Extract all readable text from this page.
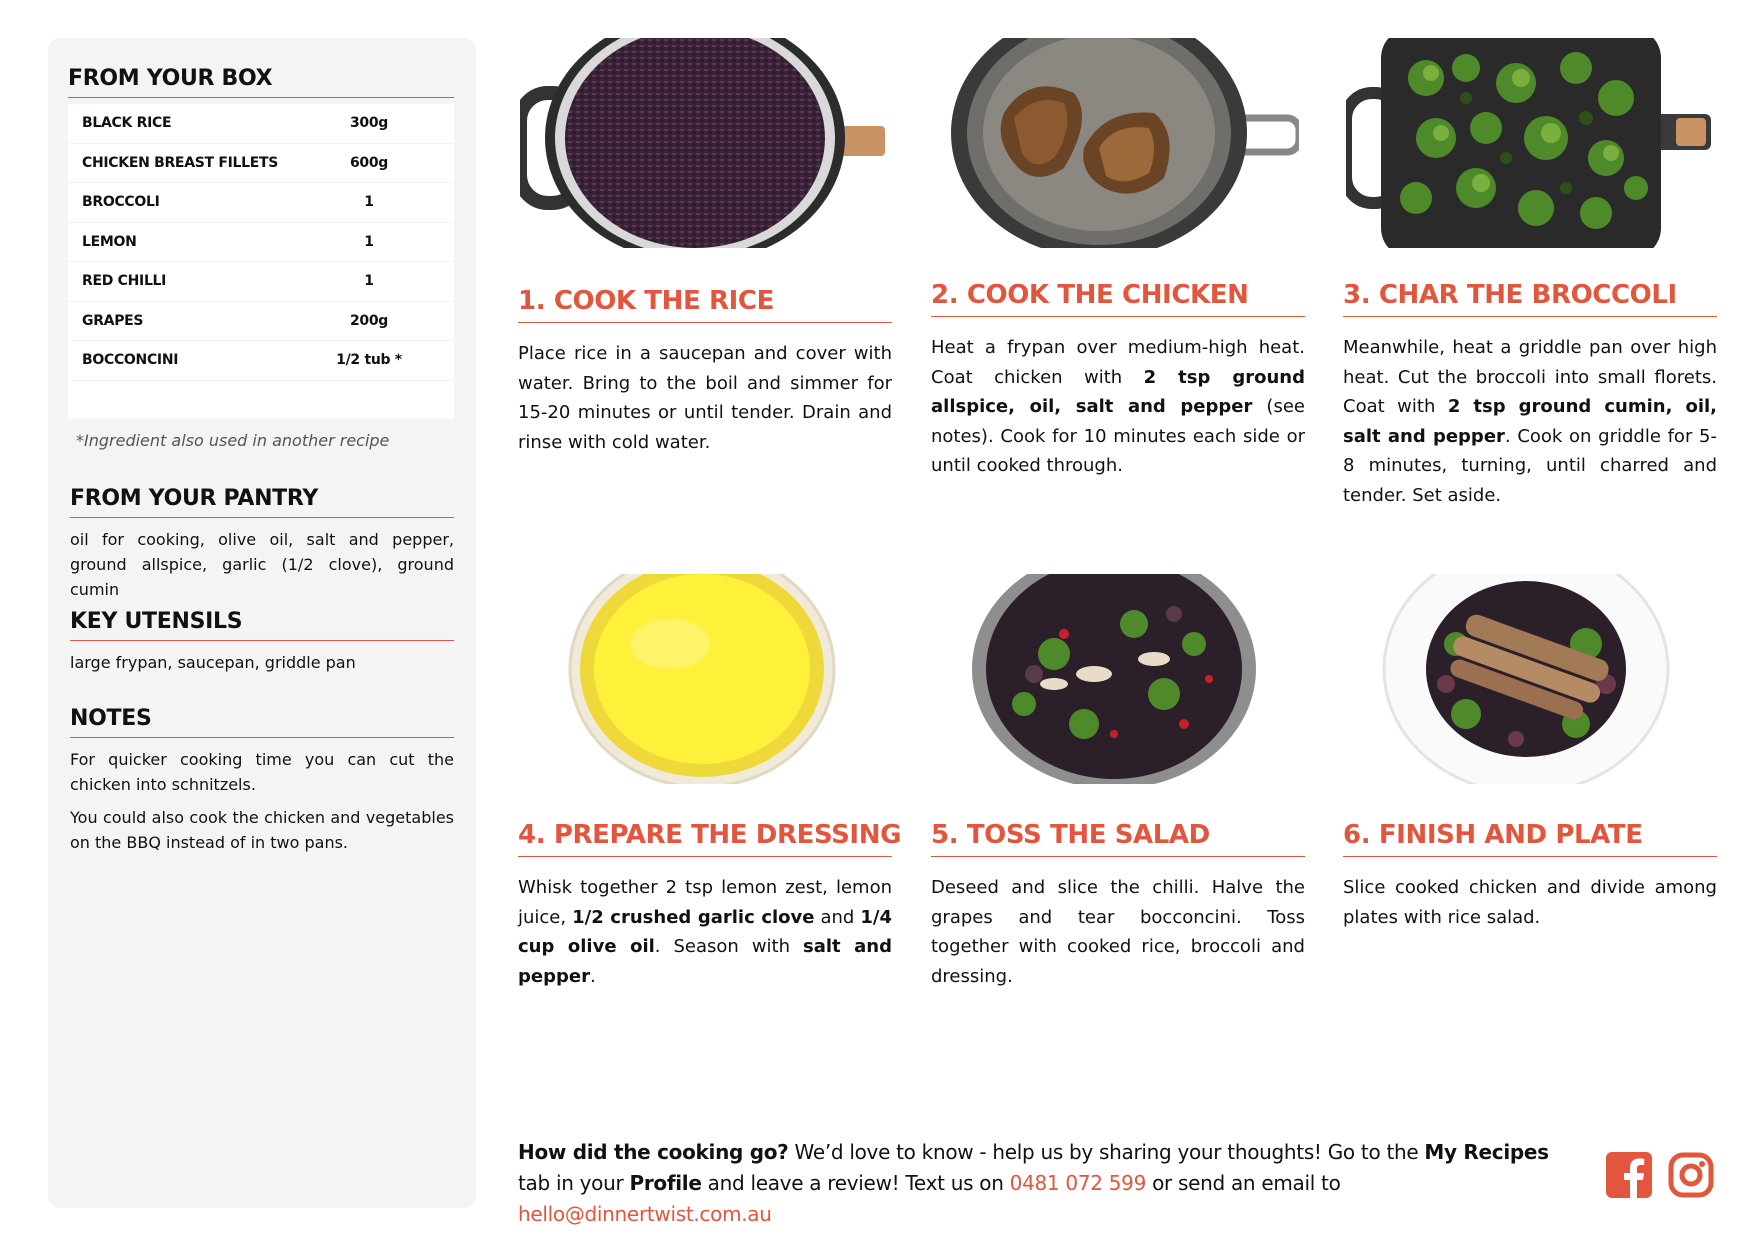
FROM YOUR BOX
BLACK RICE	300g
CHICKEN BREAST FILLETS	600g
BROCCOLI	1
LEMON	1
RED CHILLI	1
GRAPES	200g
BOCCONCINI	1/2 tub *

*Ingredient also used in another recipe

FROM YOUR PANTRY

oil for cooking, olive oil, salt and pepper, ground allspice, garlic (1/2 clove), ground cumin

KEY UTENSILS

large frypan, saucepan, griddle pan

NOTES

For quicker cooking time you can cut the chicken into schnitzels.

You could also cook the chicken and vegetables on the BBQ instead of in two pans.

1. COOK THE RICE

Place rice in a saucepan and cover with water. Bring to the boil and simmer for 15-20 minutes or until tender. Drain and rinse with cold water.

2. COOK THE CHICKEN

Heat a frypan over medium-high heat. Coat chicken with 2 tsp ground allspice, oil, salt and pepper (see notes). Cook for 10 minutes each side or until cooked through.

3. CHAR THE BROCCOLI

Meanwhile, heat a griddle pan over high heat. Cut the broccoli into small florets. Coat with 2 tsp ground cumin, oil, salt and pepper. Cook on griddle for 5-8 minutes, turning, until charred and tender. Set aside.

4. PREPARE THE DRESSING

Whisk together 2 tsp lemon zest, lemon juice, 1/2 crushed garlic clove and 1/4 cup olive oil. Season with salt and pepper.

5. TOSS THE SALAD

Deseed and slice the chilli. Halve the grapes and tear bocconcini. Toss together with cooked rice, broccoli and dressing.

6. FINISH AND PLATE

Slice cooked chicken and divide among plates with rice salad.

How did the cooking go? We’d love to know - help us by sharing your thoughts! Go to the My Recipes tab in your Profile and leave a review! Text us on 0481 072 599 or send an email to hello@dinnertwist.com.au
